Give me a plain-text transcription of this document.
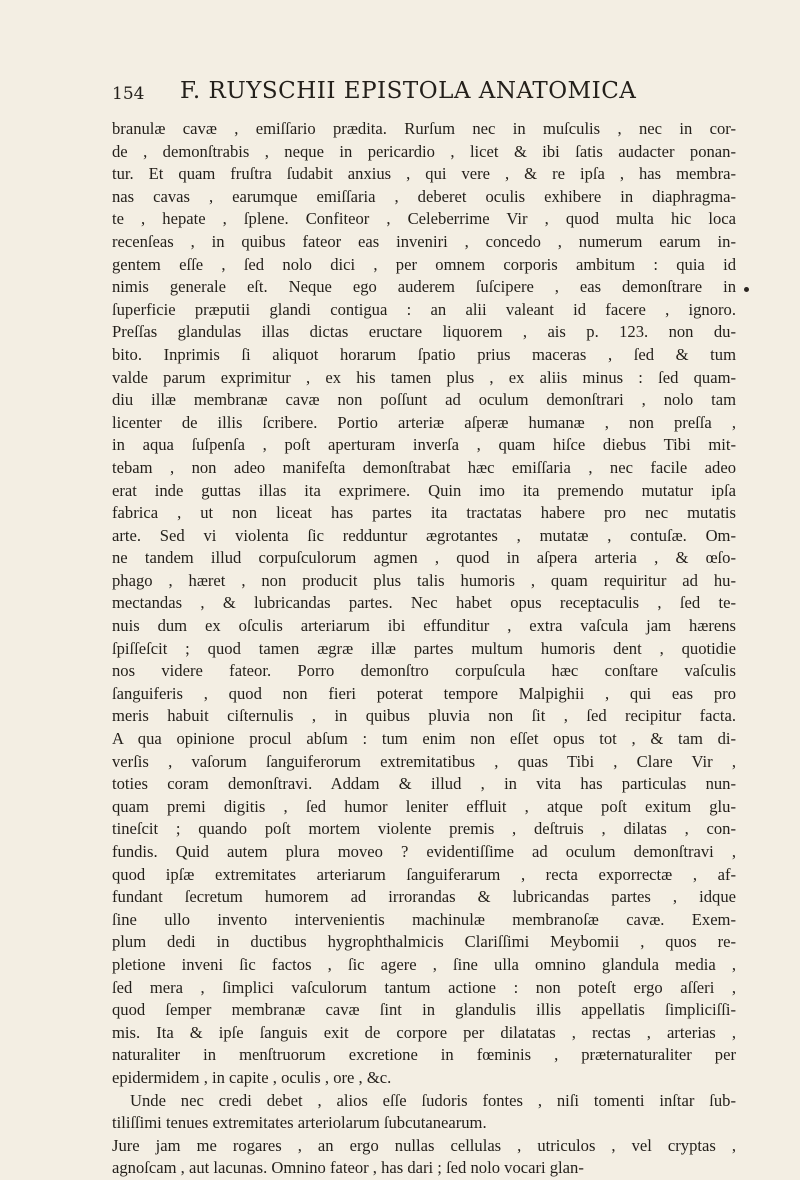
154 F. RUYSCHII EPISTOLA ANATOMICA
branulæ cavæ , emiſſario prædita. Rurſum nec in muſculis , nec in cor-
de , demonſtrabis , neque in pericardio , licet & ibi ſatis audacter ponan-
tur. Et quam fruſtra ſudabit anxius , qui vere , & re ipſa , has membra-
nas cavas , earumque emiſſaria , deberet oculis exhibere in diaphragma-
te , hepate , ſplene. Confiteor , Celeberrime Vir , quod multa hic loca
recenſeas , in quibus fateor eas inveniri , concedo , numerum earum in-
gentem eſſe , ſed nolo dici , per omnem corporis ambitum : quia id
nimis generale eſt. Neque ego auderem ſuſcipere , eas demonſtrare in
ſuperficie præputii glandi contigua : an alii valeant id facere , ignoro.
Preſſas glandulas illas dictas eructare liquorem , ais p. 123. non du-
bito. Inprimis ſi aliquot horarum ſpatio prius maceras , ſed & tum
valde parum exprimitur , ex his tamen plus , ex aliis minus : ſed quam-
diu illæ membranæ cavæ non poſſunt ad oculum demonſtrari , nolo tam
licenter de illis ſcribere. Portio arteriæ aſperæ humanæ , non preſſa ,
in aqua ſuſpenſa , poſt aperturam inverſa , quam hiſce diebus Tibi mit-
tebam , non adeo manifeſta demonſtrabat hæc emiſſaria , nec facile adeo
erat inde guttas illas ita exprimere. Quin imo ita premendo mutatur ipſa
fabrica , ut non liceat has partes ita tractatas habere pro nec mutatis
arte. Sed vi violenta ſic redduntur ægrotantes , mutatæ , contuſæ. Om-
ne tandem illud corpuſculorum agmen , quod in aſpera arteria , & œſo-
phago , hæret , non producit plus talis humoris , quam requiritur ad hu-
mectandas , & lubricandas partes. Nec habet opus receptaculis , ſed te-
nuis dum ex oſculis arteriarum ibi effunditur , extra vaſcula jam hærens
ſpiſſeſcit ; quod tamen ægræ illæ partes multum humoris dent , quotidie
nos videre fateor. Porro demonſtro corpuſcula hæc conſtare vaſculis
ſanguiferis , quod non fieri poterat tempore Malpighii , qui eas pro
meris habuit ciſternulis , in quibus pluvia non ſit , ſed recipitur facta.
A qua opinione procul abſum : tum enim non eſſet opus tot , & tam di-
verſis , vaſorum ſanguiferorum extremitatibus , quas Tibi , Clare Vir ,
toties coram demonſtravi. Addam & illud , in vita has particulas nun-
quam premi digitis , ſed humor leniter effluit , atque poſt exitum glu-
tineſcit ; quando poſt mortem violente premis , deſtruis , dilatas , con-
fundis. Quid autem plura moveo ? evidentiſſime ad oculum demonſtravi ,
quod ipſæ extremitates arteriarum ſanguiferarum , recta exporrectæ , af-
fundant ſecretum humorem ad irrorandas & lubricandas partes , idque
ſine ullo invento intervenientis machinulæ membranoſæ cavæ. Exem-
plum dedi in ductibus hygrophthalmicis Clariſſimi Meybomii , quos re-
pletione inveni ſic factos , ſic agere , ſine ulla omnino glandula media ,
ſed mera , ſimplici vaſculorum tantum actione : non poteſt ergo aſſeri ,
quod ſemper membranæ cavæ ſint in glandulis illis appellatis ſimpliciſſi-
mis. Ita & ipſe ſanguis exit de corpore per dilatatas , rectas , arterias ,
naturaliter in menſtruorum excretione in fœminis , præternaturaliter per
epidermidem , in capite , oculis , ore , &c.
Unde nec credi debet , alios eſſe ſudoris fontes , niſi tomenti inſtar ſub-
tiliſſimi tenues extremitates arteriolarum ſubcutanearum.
Jure jam me rogares , an ergo nullas cellulas , utriculos , vel cryptas ,
agnoſcam , aut lacunas. Omnino fateor , has dari ; ſed nolo vocari glan-
